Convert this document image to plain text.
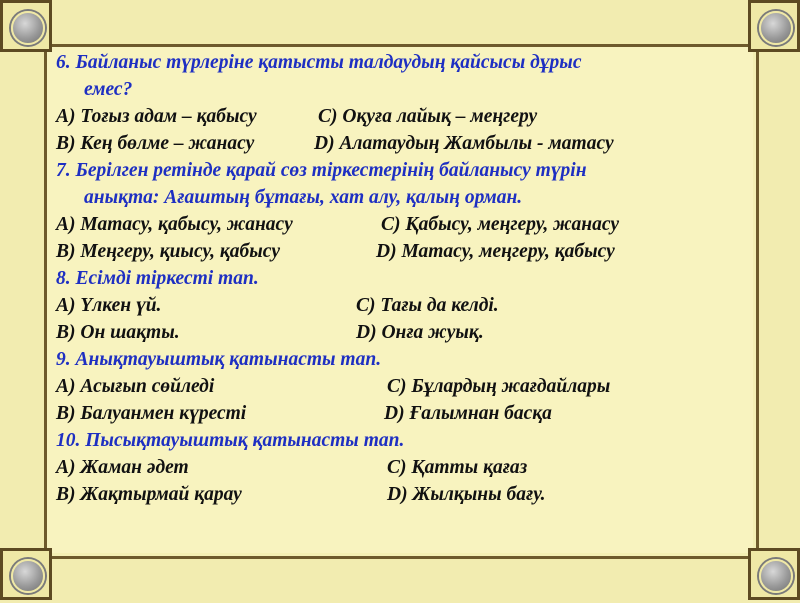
6. Байланыс түрлеріне қатысты талдаудың қайсысы дұрыс
емес?
А) Тоғыз адам – қабысу	С) Оқуға лайық – меңгеру
В) Кең бөлме – жанасу	D) Алатаудың Жамбылы - матасу
7. Берілген ретінде қарай сөз тіркестерінің байланысу түрін
анықта: Ағаштың бұтағы, хат алу, қалың орман.
А) Матасу, қабысу, жанасу	С) Қабысу, меңгеру, жанасу
В) Меңгеру, қиысу, қабысу	D) Матасу, меңгеру, қабысу
8. Есімді тіркесті тап.
А) Үлкен үй.	С) Тағы да келді.
В) Он шақты.	D) Онға жуық.
9. Анықтауыштық қатынасты тап.
А) Асығып сөйледі	С) Бұлардың жағдайлары
В) Балуанмен күресті	D) Ғалымнан басқа
10. Пысықтауыштық қатынасты тап.
А) Жаман әдет	С) Қатты қағаз
В) Жақтырмай қарау	D) Жылқыны бағу.
